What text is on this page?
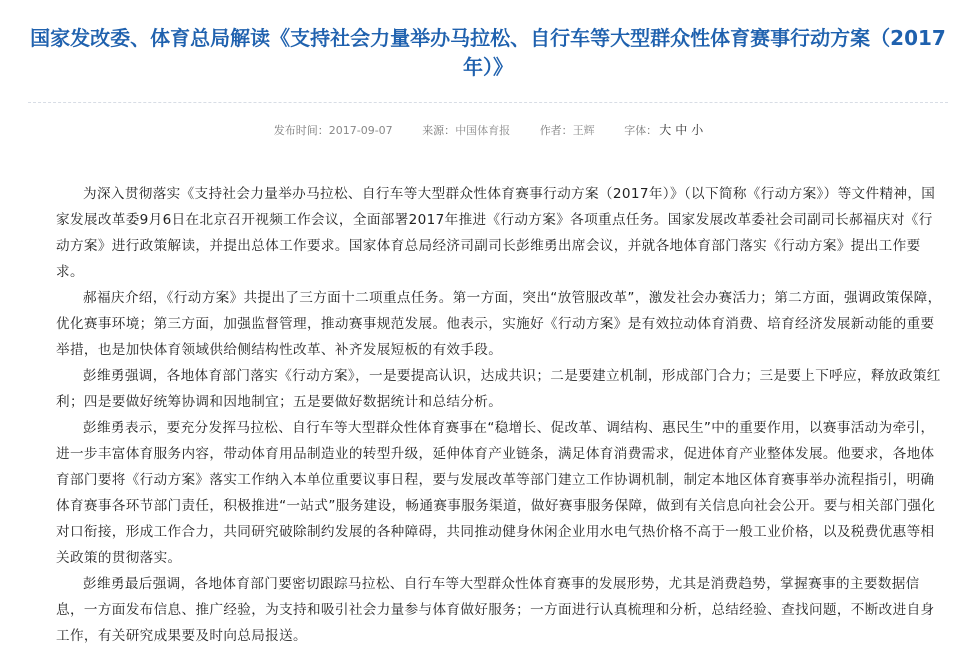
国家发改委、体育总局解读《支持社会力量举办马拉松、自行车等大型群众性体育赛事行动方案（2017年）》
发布时间：2017-09-07	来源：中国体育报	作者：王辉	字体： 大 中 小

为深入贯彻落实《支持社会力量举办马拉松、自行车等大型群众性体育赛事行动方案（2017年）》（以下简称《行动方案》）等文件精神，国家发展改革委9月6日在北京召开视频工作会议，全面部署2017年推进《行动方案》各项重点任务。国家发展改革委社会司副司长郝福庆对《行动方案》进行政策解读，并提出总体工作要求。国家体育总局经济司副司长彭维勇出席会议，并就各地体育部门落实《行动方案》提出工作要求。

郝福庆介绍，《行动方案》共提出了三方面十二项重点任务。第一方面，突出“放管服改革”，激发社会办赛活力；第二方面，强调政策保障，优化赛事环境；第三方面，加强监督管理，推动赛事规范发展。他表示，实施好《行动方案》是有效拉动体育消费、培育经济发展新动能的重要举措，也是加快体育领域供给侧结构性改革、补齐发展短板的有效手段。

彭维勇强调，各地体育部门落实《行动方案》，一是要提高认识，达成共识；二是要建立机制，形成部门合力；三是要上下呼应，释放政策红利；四是要做好统筹协调和因地制宜；五是要做好数据统计和总结分析。

彭维勇表示，要充分发挥马拉松、自行车等大型群众性体育赛事在“稳增长、促改革、调结构、惠民生”中的重要作用，以赛事活动为牵引，进一步丰富体育服务内容，带动体育用品制造业的转型升级，延伸体育产业链条，满足体育消费需求，促进体育产业整体发展。他要求，各地体育部门要将《行动方案》落实工作纳入本单位重要议事日程，要与发展改革等部门建立工作协调机制，制定本地区体育赛事举办流程指引，明确体育赛事各环节部门责任，积极推进“一站式”服务建设，畅通赛事服务渠道，做好赛事服务保障，做到有关信息向社会公开。要与相关部门强化对口衔接，形成工作合力，共同研究破除制约发展的各种障碍，共同推动健身休闲企业用水电气热价格不高于一般工业价格，以及税费优惠等相关政策的贯彻落实。

彭维勇最后强调，各地体育部门要密切跟踪马拉松、自行车等大型群众性体育赛事的发展形势，尤其是消费趋势，掌握赛事的主要数据信息，一方面发布信息、推广经验，为支持和吸引社会力量参与体育做好服务；一方面进行认真梳理和分析，总结经验、查找问题，不断改进自身工作，有关研究成果要及时向总局报送。
